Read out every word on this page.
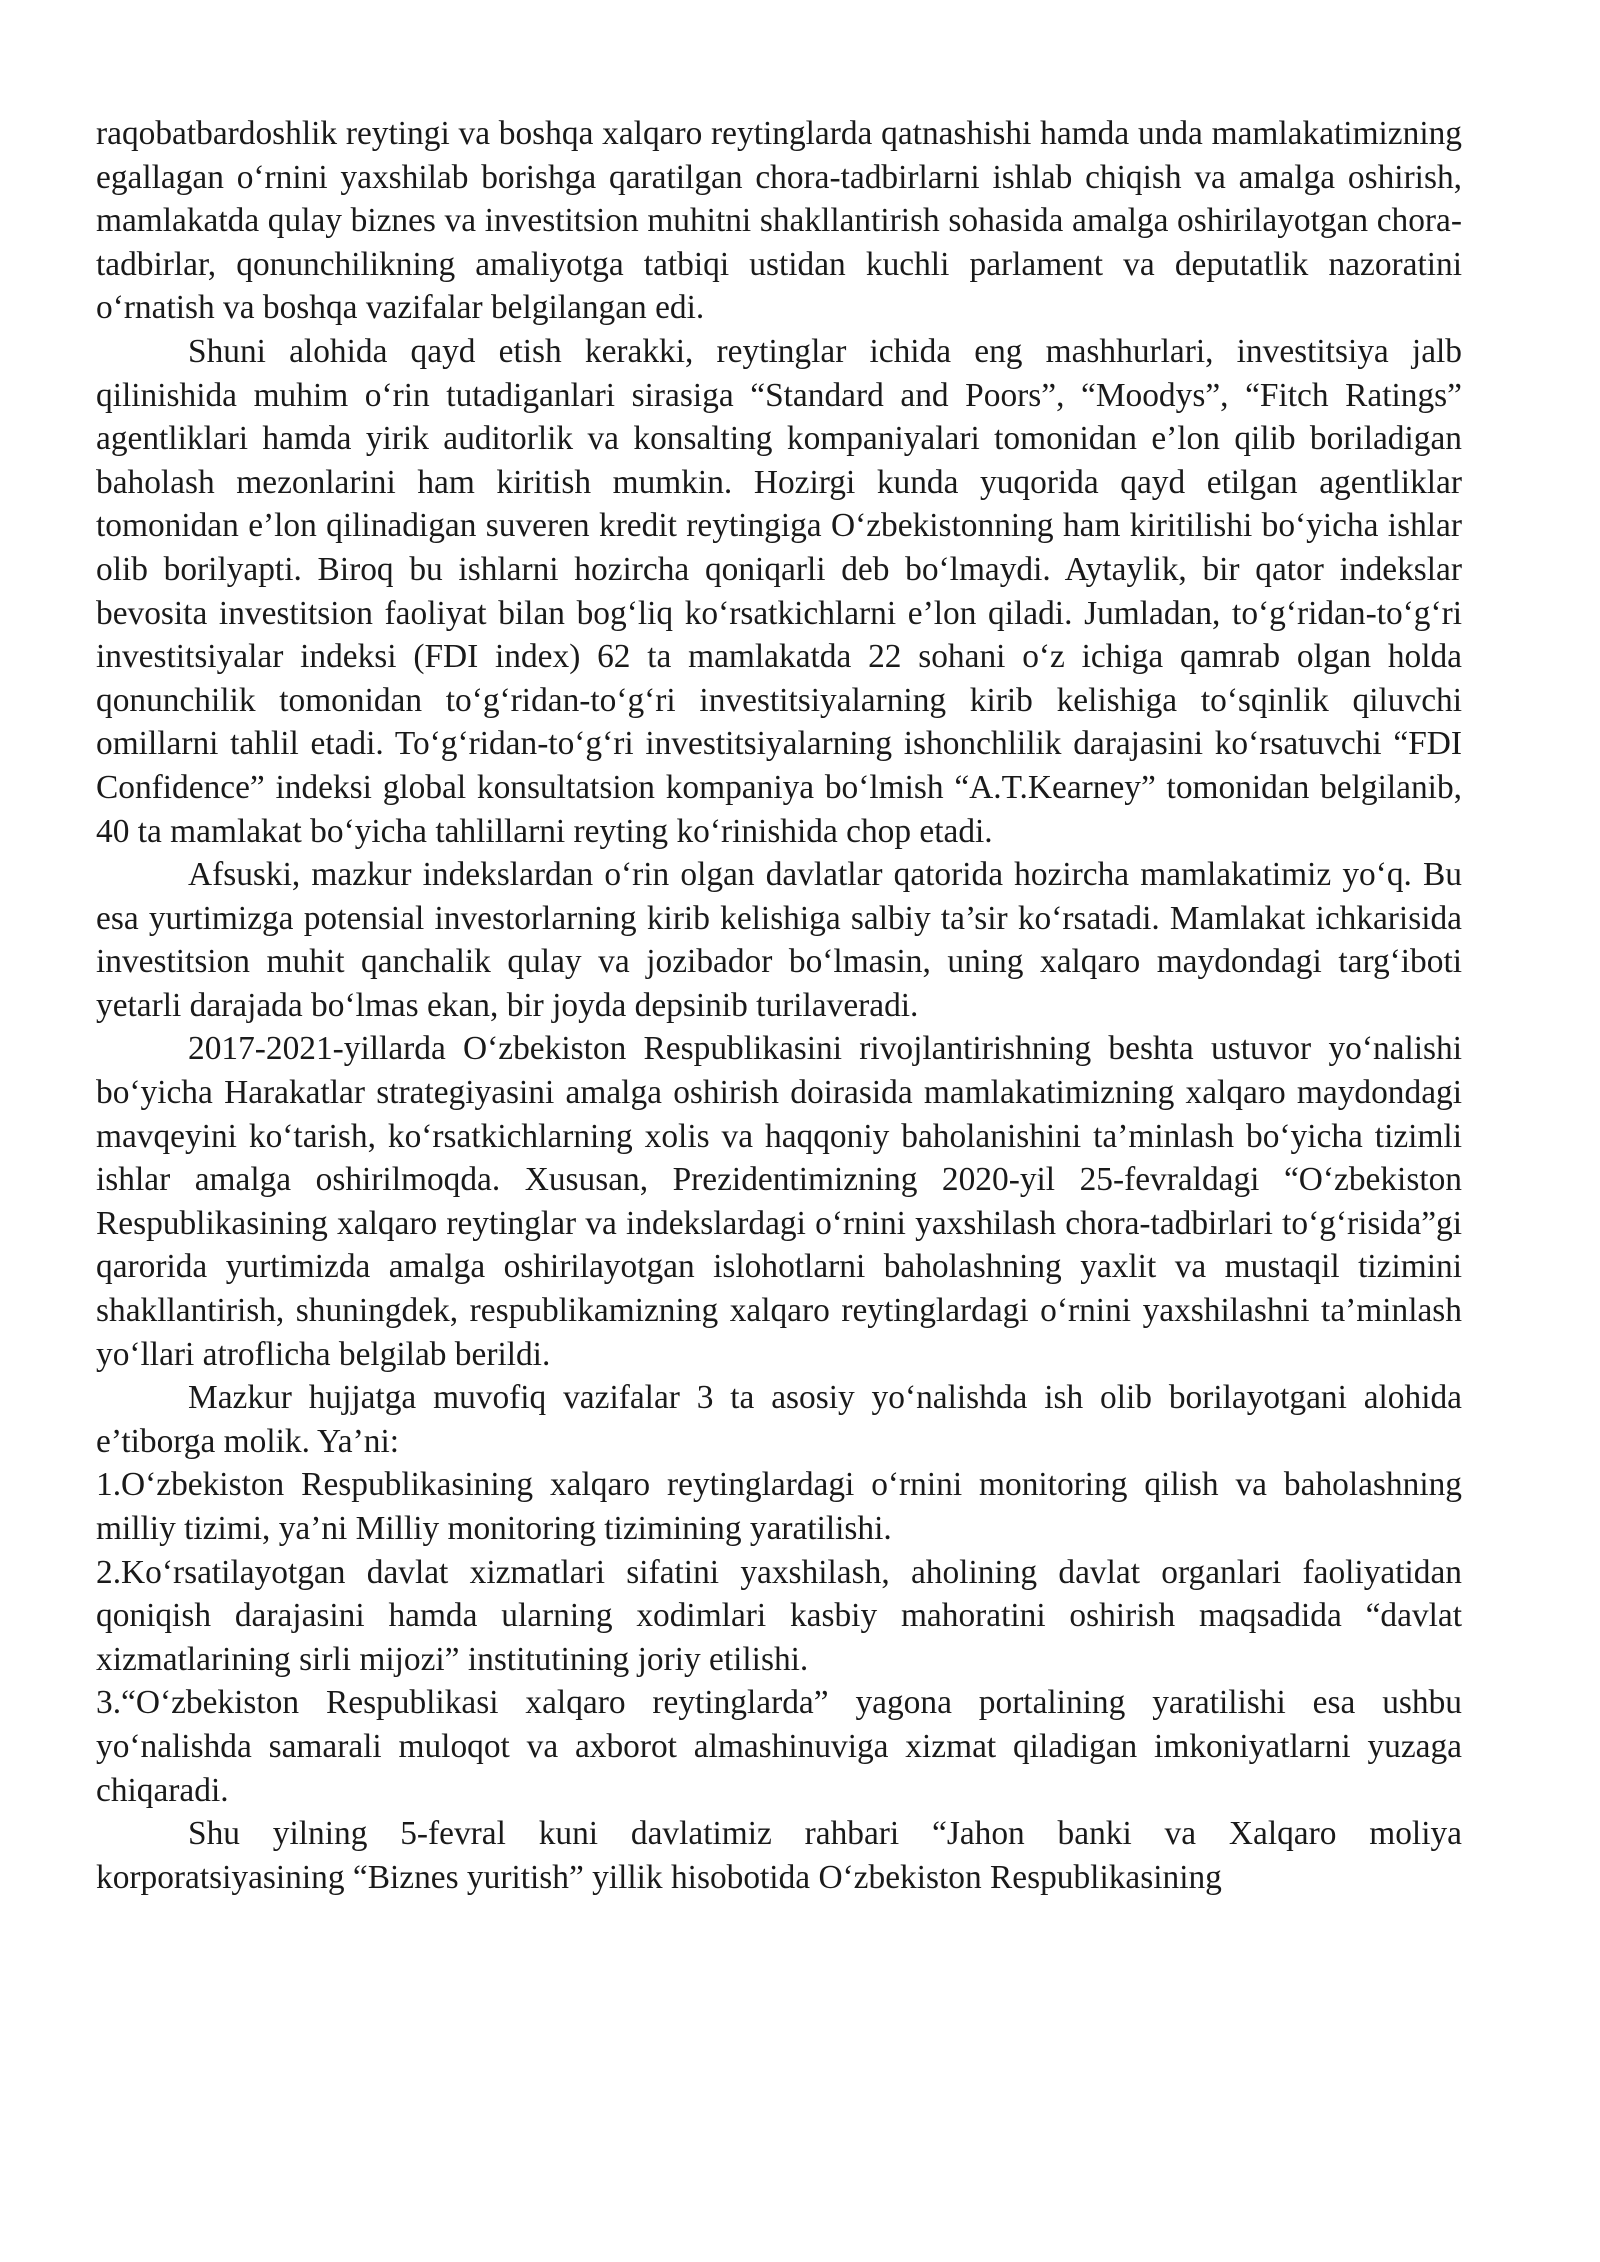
raqobatbardoshlik reytingi va boshqa xalqaro reytinglarda qatnashishi hamda unda mamlakatimizning egallagan o‘rnini yaxshilab borishga qaratilgan chora-tadbirlarni ishlab chiqish va amalga oshirish, mamlakatda qulay biznes va investitsion muhitni shakllantirish sohasida amalga oshirilayotgan chora-tadbirlar, qonunchilikning amaliyotga tatbiqi ustidan kuchli parlament va deputatlik nazoratini o‘rnatish va boshqa vazifalar belgilangan edi.

Shuni alohida qayd etish kerakki, reytinglar ichida eng mashhurlari, investitsiya jalb qilinishida muhim o‘rin tutadiganlari sirasiga “Standard and Poors”, “Moodys”, “Fitch Ratings” agentliklari hamda yirik auditorlik va konsalting kompaniyalari tomonidan e’lon qilib boriladigan baholash mezonlarini ham kiritish mumkin. Hozirgi kunda yuqorida qayd etilgan agentliklar tomonidan e’lon qilinadigan suveren kredit reytingiga O‘zbekistonning ham kiritilishi bo‘yicha ishlar olib borilyapti. Biroq bu ishlarni hozircha qoniqarli deb bo‘lmaydi. Aytaylik, bir qator indekslar bevosita investitsion faoliyat bilan bog‘liq ko‘rsatkichlarni e’lon qiladi. Jumladan, to‘g‘ridan-to‘g‘ri investitsiyalar indeksi (FDI index) 62 ta mamlakatda 22 sohani o‘z ichiga qamrab olgan holda qonunchilik tomonidan to‘g‘ridan-to‘g‘ri investitsiyalarning kirib kelishiga to‘sqinlik qiluvchi omillarni tahlil etadi. To‘g‘ridan-to‘g‘ri investitsiyalarning ishonchlilik darajasini ko‘rsatuvchi “FDI Confidence” indeksi global konsultatsion kompaniya bo‘lmish “A.T.Kearney” tomonidan belgilanib, 40 ta mamlakat bo‘yicha tahlillarni reyting ko‘rinishida chop etadi.

Afsuski, mazkur indekslardan o‘rin olgan davlatlar qatorida hozircha mamlakatimiz yo‘q. Bu esa yurtimizga potensial investorlarning kirib kelishiga salbiy ta’sir ko‘rsatadi. Mamlakat ichkarisida investitsion muhit qanchalik qulay va jozibador bo‘lmasin, uning xalqaro maydondagi targ‘iboti yetarli darajada bo‘lmas ekan, bir joyda depsinib turilaveradi.

2017-2021-yillarda O‘zbekiston Respublikasini rivojlantirishning beshta ustuvor yo‘nalishi bo‘yicha Harakatlar strategiyasini amalga oshirish doirasida mamlakatimizning xalqaro maydondagi mavqeyini ko‘tarish, ko‘rsatkichlarning xolis va haqqoniy baholanishini ta’minlash bo‘yicha tizimli ishlar amalga oshirilmoqda. Xususan, Prezidentimizning 2020-yil 25-fevraldagi “O‘zbekiston Respublikasining xalqaro reytinglar va indekslardagi o‘rnini yaxshilash chora-tadbirlari to‘g‘risida”gi qarorida yurtimizda amalga oshirilayotgan islohotlarni baholashning yaxlit va mustaqil tizimini shakllantirish, shuningdek, respublikamizning xalqaro reytinglardagi o‘rnini yaxshilashni ta’minlash yo‘llari atroflicha belgilab berildi.

Mazkur hujjatga muvofiq vazifalar 3 ta asosiy yo‘nalishda ish olib borilayotgani alohida e’tiborga molik. Ya’ni:

1.O‘zbekiston Respublikasining xalqaro reytinglardagi o‘rnini monitoring qilish va baholashning milliy tizimi, ya’ni Milliy monitoring tizimining yaratilishi.

2.Ko‘rsatilayotgan davlat xizmatlari sifatini yaxshilash, aholining davlat organlari faoliyatidan qoniqish darajasini hamda ularning xodimlari kasbiy mahoratini oshirish maqsadida “davlat xizmatlarining sirli mijozi” institutining joriy etilishi.

3.“O‘zbekiston Respublikasi xalqaro reytinglarda” yagona portalining yaratilishi esa ushbu yo‘nalishda samarali muloqot va axborot almashinuviga xizmat qiladigan imkoniyatlarni yuzaga chiqaradi.

Shu yilning 5-fevral kuni davlatimiz rahbari “Jahon banki va Xalqaro moliya korporatsiyasining “Biznes yuritish” yillik hisobotida O‘zbekiston Respublikasining
